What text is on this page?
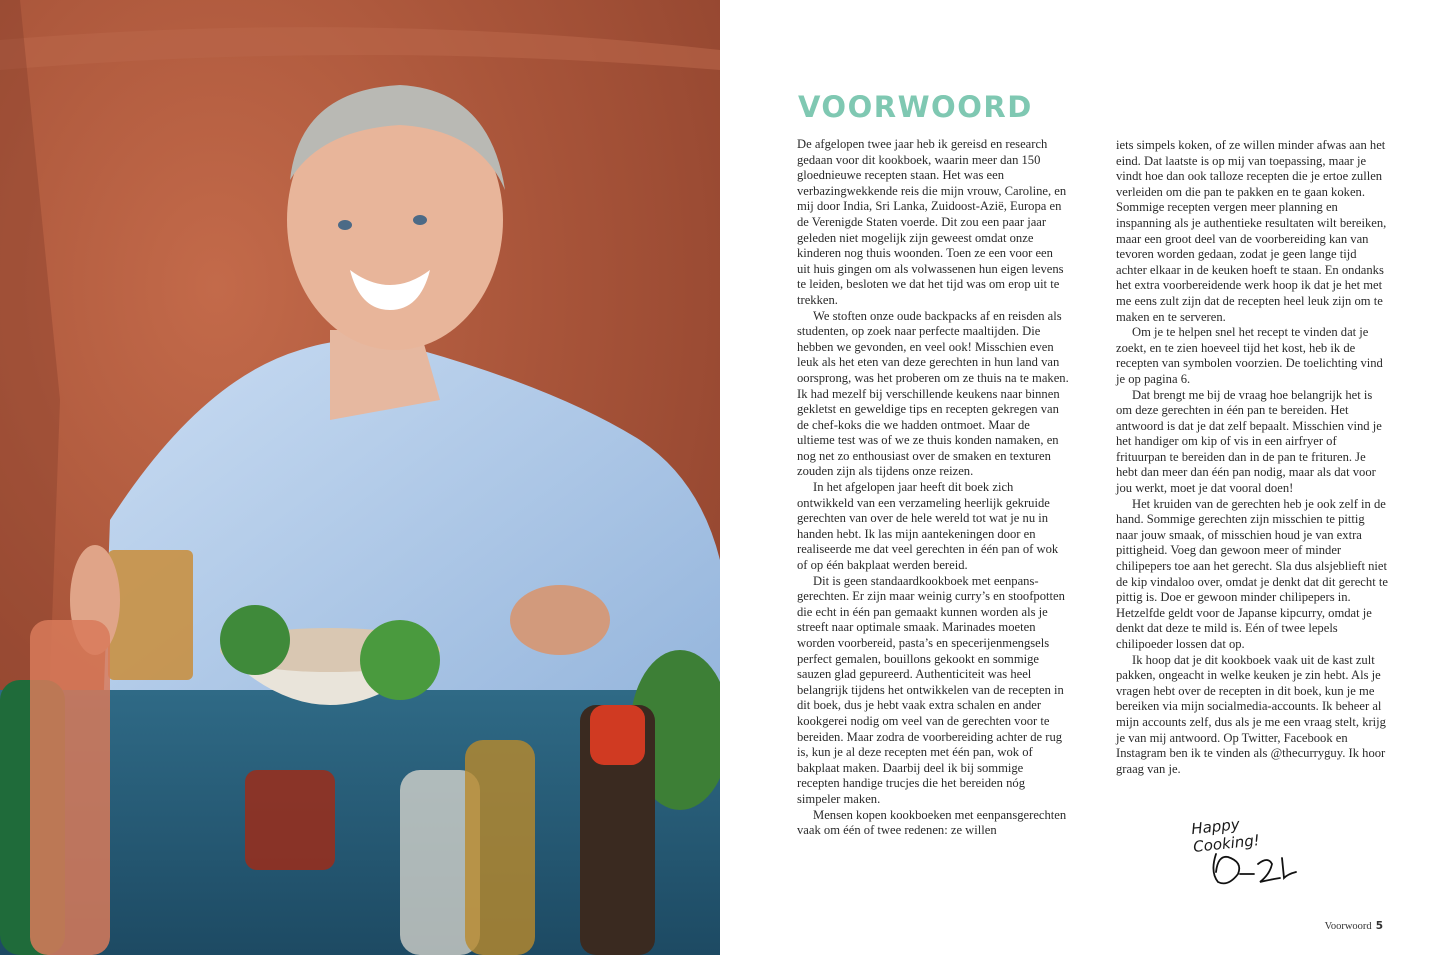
VOORWOORD

De afgelopen twee jaar heb ik gereisd en research gedaan voor dit kookboek, waarin meer dan 150 gloednieuwe recepten staan. Het was een verbazingwekkende reis die mijn vrouw, Caroline, en mij door India, Sri Lanka, Zuidoost-Azië, Europa en de Verenigde Staten voerde. Dit zou een paar jaar geleden niet mogelijk zijn geweest omdat onze kinderen nog thuis woonden. Toen ze een voor een uit huis gingen om als volwassenen hun eigen levens te leiden, besloten we dat het tijd was om erop uit te trekken.

We stoften onze oude backpacks af en reisden als studenten, op zoek naar perfecte maaltijden. Die hebben we gevonden, en veel ook! Misschien even leuk als het eten van deze gerechten in hun land van oorsprong, was het proberen om ze thuis na te maken. Ik had mezelf bij verschillende keukens naar binnen gekletst en geweldige tips en recepten gekregen van de chef-koks die we hadden ontmoet. Maar de ultieme test was of we ze thuis konden namaken, en nog net zo enthousiast over de smaken en texturen zouden zijn als tijdens onze reizen.

In het afgelopen jaar heeft dit boek zich ontwikkeld van een verzameling heerlijk gekruide gerechten van over de hele wereld tot wat je nu in handen hebt. Ik las mijn aantekeningen door en realiseerde me dat veel gerechten in één pan of wok of op één bakplaat werden bereid.

Dit is geen standaardkookboek met eenpansgerechten. Er zijn maar weinig curry’s en stoofpotten die echt in één pan gemaakt kunnen worden als je streeft naar optimale smaak. Marinades moeten worden voorbereid, pasta’s en specerijenmengsels perfect gemalen, bouillons gekookt en sommige sauzen glad gepureerd. Authenticiteit was heel belangrijk tijdens het ontwikkelen van de recepten in dit boek, dus je hebt vaak extra schalen en ander kookgerei nodig om veel van de gerechten voor te bereiden. Maar zodra de voorbereiding achter de rug is, kun je al deze recepten met één pan, wok of bakplaat maken. Daarbij deel ik bij sommige recepten handige trucjes die het bereiden nóg simpeler maken.

Mensen kopen kookboeken met eenpansgerechten vaak om één of twee redenen: ze willen

iets simpels koken, of ze willen minder afwas aan het eind. Dat laatste is op mij van toepassing, maar je vindt hoe dan ook talloze recepten die je ertoe zullen verleiden om die pan te pakken en te gaan koken. Sommige recepten vergen meer planning en inspanning als je authentieke resultaten wilt bereiken, maar een groot deel van de voorbereiding kan van tevoren worden gedaan, zodat je geen lange tijd achter elkaar in de keuken hoeft te staan. En ondanks het extra voorbereidende werk hoop ik dat je het met me eens zult zijn dat de recepten heel leuk zijn om te maken en te serveren.

Om je te helpen snel het recept te vinden dat je zoekt, en te zien hoeveel tijd het kost, heb ik de recepten van symbolen voorzien. De toelichting vind je op pagina 6.

Dat brengt me bij de vraag hoe belangrijk het is om deze gerechten in één pan te bereiden. Het antwoord is dat je dat zelf bepaalt. Misschien vind je het handiger om kip of vis in een airfryer of frituurpan te bereiden dan in de pan te frituren. Je hebt dan meer dan één pan nodig, maar als dat voor jou werkt, moet je dat vooral doen!

Het kruiden van de gerechten heb je ook zelf in de hand. Sommige gerechten zijn misschien te pittig naar jouw smaak, of misschien houd je van extra pittigheid. Voeg dan gewoon meer of minder chilipepers toe aan het gerecht. Sla dus alsjeblieft niet de kip vindaloo over, omdat je denkt dat dit gerecht te pittig is. Doe er gewoon minder chilipepers in. Hetzelfde geldt voor de Japanse kipcurry, omdat je denkt dat deze te mild is. Eén of twee lepels chilipoeder lossen dat op.

Ik hoop dat je dit kookboek vaak uit de kast zult pakken, ongeacht in welke keuken je zin hebt. Als je vragen hebt over de recepten in dit boek, kun je me bereiken via mijn socialmedia-accounts. Ik beheer al mijn accounts zelf, dus als je me een vraag stelt, krijg je van mij antwoord. Op Twitter, Facebook en Instagram ben ik te vinden als @thecurryguy. Ik hoor graag van je.

Happy Cooking!
Voorwoord 5
